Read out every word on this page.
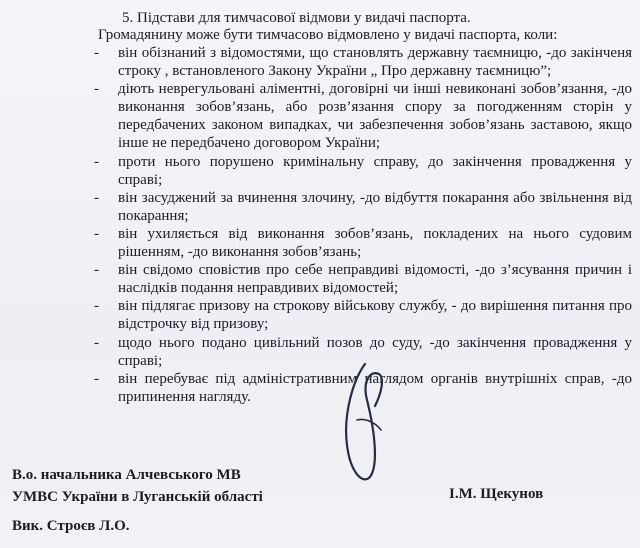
5. Підстави для тимчасової відмови у видачі паспорта.
Громадянину може бути тимчасово відмовлено у видачі паспорта, коли:
- він обізнаний з відомостями, що становлять державну таємницю, -до закінченя строку , встановленого Закону України „ Про державну таємницю”;
- діють неврегульовані аліментні, договірні чи інші невиконані зобов’язання, -до виконання зобов’язань, або розв’язання спору за погодженням сторін у передбачених законом випадках, чи забезпечення зобов’язань заставою, якщо інше не передбачено договором України;
- проти нього порушено кримінальну справу, до закінчення провадження у справі;
- він засуджений за вчинення злочину, -до відбуття покарання або звільнення від покарання;
- він ухиляється від виконання зобов’язань, покладених на нього судовим рішенням, -до виконання зобов’язань;
- він свідомо сповістив про себе неправдиві відомості, -до з’ясування причин і наслідків подання неправдивих відомостей;
- він підлягає призову на строкову військову службу, - до вирішення питання про відстрочку від призову;
- щодо нього подано цивільний позов до суду, -до закінчення провадження у справі;
- він перебуває під адміністративним наглядом органів внутрішніх справ, -до припинення нагляду.
В.о. начальника Алчевського МВ
УМВС України в Луганській області	І.М. Щекунов
Вик. Строєв Л.О.
